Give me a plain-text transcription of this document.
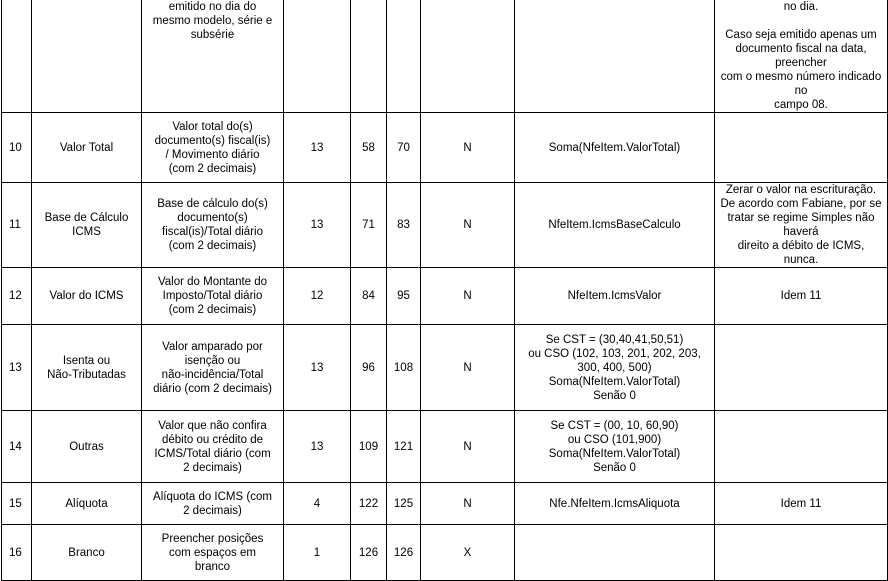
		emitido no dia do
mesmo modelo, série e
subsérie						no dia.

Caso seja emitido apenas um
documento fiscal na data, preencher
com o mesmo número indicado no
campo 08.
10	Valor Total	Valor total do(s)
documento(s) fiscal(is)
/ Movimento diário
(com 2 decimais)	13	58	70	N	Soma(NfeItem.ValorTotal)	
11	Base de Cálculo
ICMS	Base de cálculo do(s)
documento(s)
fiscal(is)/Total diário
(com 2 decimais)	13	71	83	N	NfeItem.IcmsBaseCalculo	Zerar o valor na escrituração.
De acordo com Fabiane, por se
tratar se regime Simples não haverá
direito a débito de ICMS, nunca.
12	Valor do ICMS	Valor do Montante do
Imposto/Total diário
(com 2 decimais)	12	84	95	N	NfeItem.IcmsValor	Idem 11
13	Isenta ou
Não-Tributadas	Valor amparado por
isenção ou
não-incidência/Total
diário (com 2 decimais)	13	96	108	N	Se CST = (30,40,41,50,51)
ou CSO (102, 103, 201, 202, 203,
300, 400, 500)
Soma(NfeItem.ValorTotal)
Senão 0	
14	Outras	Valor que não confira
débito ou crédito de
ICMS/Total diário (com
2 decimais)	13	109	121	N	Se CST = (00, 10, 60,90)
ou CSO (101,900)
Soma(NfeItem.ValorTotal)
Senão 0	
15	Alíquota	Alíquota do ICMS (com
2 decimais)	4	122	125	N	Nfe.NfeItem.IcmsAliquota	Idem 11
16	Branco	Preencher posições
com espaços em
branco	1	126	126	X		
